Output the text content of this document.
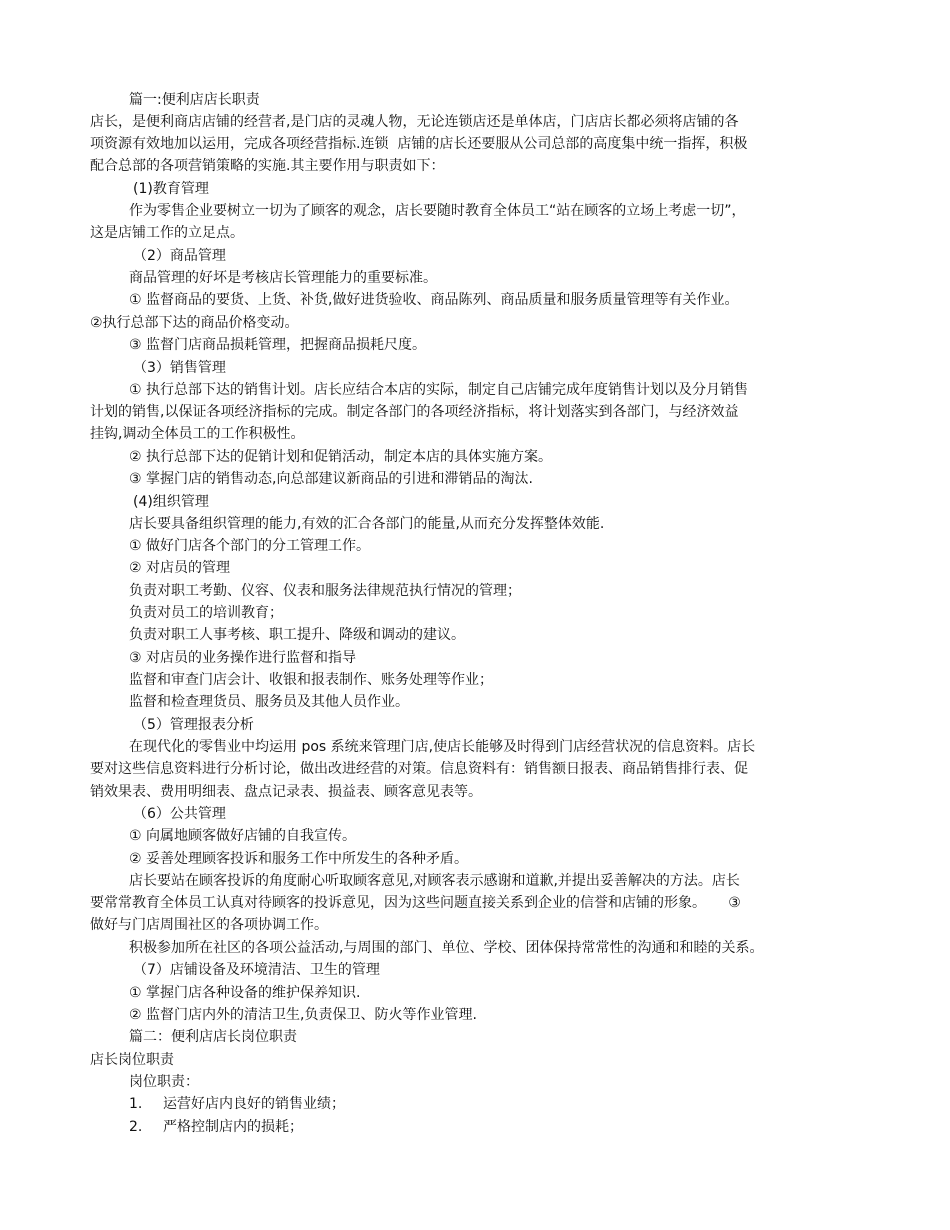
篇一:便利店店长职责
店长，是便利商店店铺的经营者,是门店的灵魂人物，无论连锁店还是单体店，门店店长都必须将店铺的各
项资源有效地加以运用，完成各项经营指标.连锁  店铺的店长还要服从公司总部的高度集中统一指挥，积极
配合总部的各项营销策略的实施.其主要作用与职责如下：
(1)教育管理
作为零售企业要树立一切为了顾客的观念，店长要随时教育全体员工“站在顾客的立场上考虑一切”，
这是店铺工作的立足点。
（2）商品管理
商品管理的好坏是考核店长管理能力的重要标准。
① 监督商品的要货、上货、补货,做好进货验收、商品陈列、商品质量和服务质量管理等有关作业。
②执行总部下达的商品价格变动。
③ 监督门店商品损耗管理，把握商品损耗尺度。
（3）销售管理
① 执行总部下达的销售计划。店长应结合本店的实际，制定自己店铺完成年度销售计划以及分月销售
计划的销售,以保证各项经济指标的完成。制定各部门的各项经济指标，将计划落实到各部门，与经济效益
挂钩,调动全体员工的工作积极性。
② 执行总部下达的促销计划和促销活动，制定本店的具体实施方案。
③ 掌握门店的销售动态,向总部建议新商品的引进和滞销品的淘汰.
(4)组织管理
店长要具备组织管理的能力,有效的汇合各部门的能量,从而充分发挥整体效能.
① 做好门店各个部门的分工管理工作。
② 对店员的管理
负责对职工考勤、仪容、仪表和服务法律规范执行情况的管理；
负责对员工的培训教育；
负责对职工人事考核、职工提升、降级和调动的建议。
③ 对店员的业务操作进行监督和指导
监督和审查门店会计、收银和报表制作、账务处理等作业；
监督和检查理货员、服务员及其他人员作业。
（5）管理报表分析
在现代化的零售业中均运用 pos 系统来管理门店,使店长能够及时得到门店经营状况的信息资料。店长
要对这些信息资料进行分析讨论，做出改进经营的对策。信息资料有：销售额日报表、商品销售排行表、促
销效果表、费用明细表、盘点记录表、损益表、顾客意见表等。
（6）公共管理
① 向属地顾客做好店铺的自我宣传。
② 妥善处理顾客投诉和服务工作中所发生的各种矛盾。
店长要站在顾客投诉的角度耐心听取顾客意见,对顾客表示感谢和道歉,并提出妥善解决的方法。店长
要常常教育全体员工认真对待顾客的投诉意见，因为这些问题直接关系到企业的信誉和店铺的形象。     ③
做好与门店周围社区的各项协调工作。
积极参加所在社区的各项公益活动,与周围的部门、单位、学校、团体保持常常性的沟通和和睦的关系。
（7）店铺设备及环境清洁、卫生的管理
① 掌握门店各种设备的维护保养知识.
② 监督门店内外的清洁卫生,负责保卫、防火等作业管理.
篇二：便利店店长岗位职责
店长岗位职责
岗位职责：
1. 运营好店内良好的销售业绩；
2. 严格控制店内的损耗；
